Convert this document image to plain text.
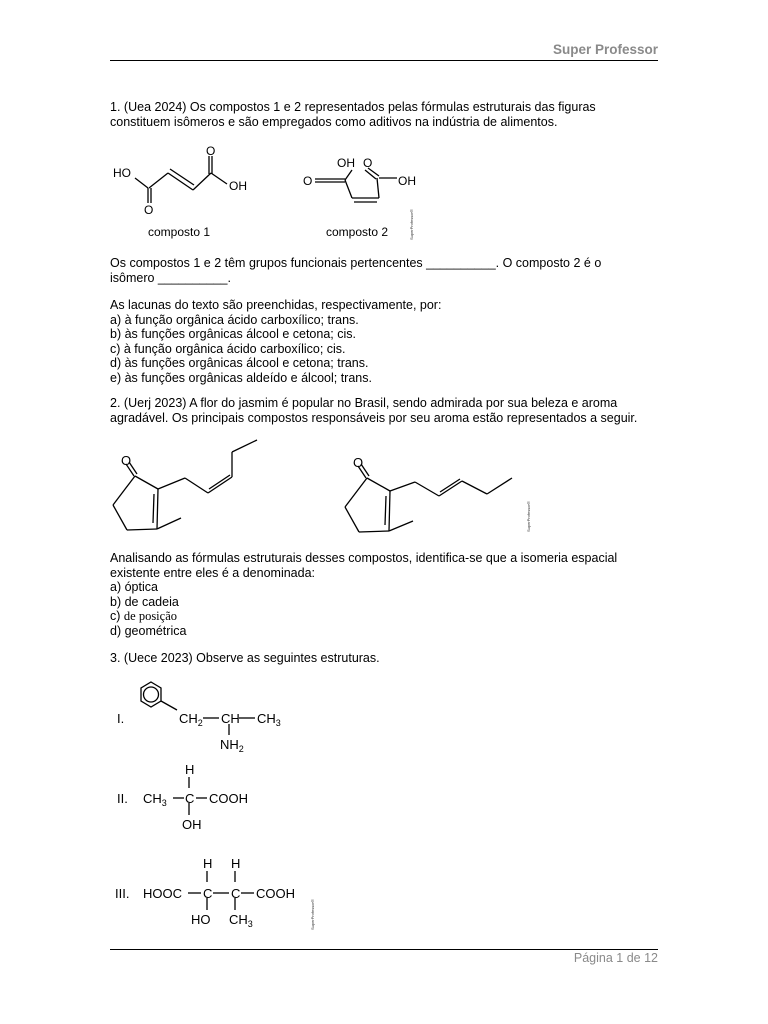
Super Professor
1. (Uea 2024) Os compostos 1 e 2 representados pelas fórmulas estruturais das figuras
constituem isômeros e são empregados como aditivos na indústria de alimentos.
HO
O
OH
O
composto 1
OH O
O	OH
composto 2	SuperProfessor®
Os compostos 1 e 2 têm grupos funcionais pertencentes __________. O composto 2 é o
isômero __________.
As lacunas do texto são preenchidas, respectivamente, por:
a) à função orgânica ácido carboxílico; trans.
b) às funções orgânicas álcool e cetona; cis.
c) à função orgânica ácido carboxílico; cis.
d) às funções orgânicas álcool e cetona; trans.
e) às funções orgânicas aldeído e álcool; trans.
2. (Uerj 2023) A flor do jasmim é popular no Brasil, sendo admirada por sua beleza e aroma
agradável. Os principais compostos responsáveis por seu aroma estão representados a seguir.
O	O
SuperProfessor®
Analisando as fórmulas estruturais desses compostos, identifica-se que a isomeria espacial
existente entre eles é a denominada:
a) óptica
b) de cadeia
c) de posição
d) geométrica
3. (Uece 2023) Observe as seguintes estruturas.
I.	$CH_2$ CH $CH_3$
$NH_2$
II.
H
$CH_3$ C COOH
OH
III.
H H
HOOC C C COOH
HO $CH_3$	SuperProfessor®
Página 1 de 12
